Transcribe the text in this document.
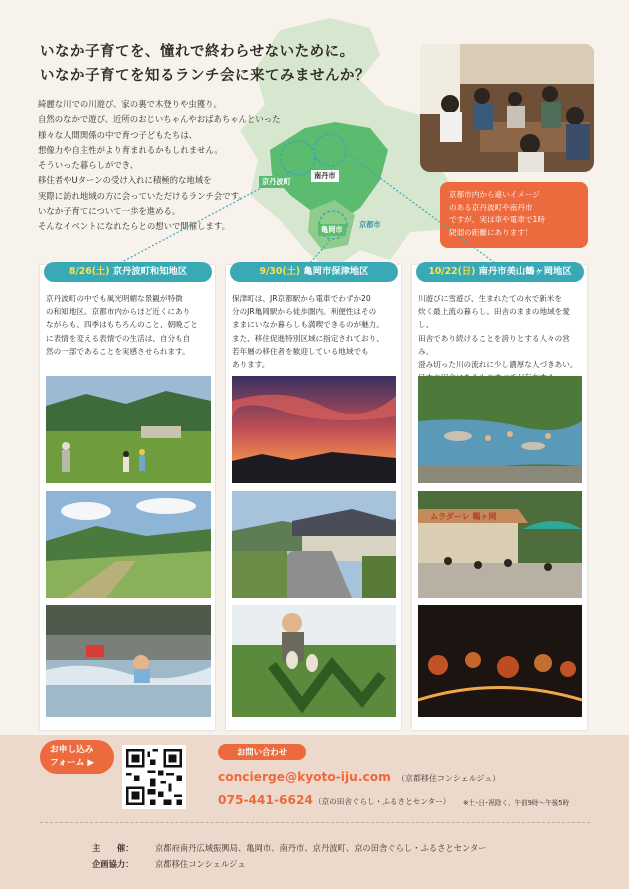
京丹波町
南丹市
亀岡市
京都市
いなか子育てを、憧れで終わらせないために。
いなか子育てを知るランチ会に来てみませんか？
綺麗な川での川遊び、家の裏で木登りや虫獲り。
自然のなかで遊び、近所のおじいちゃんやおばあちゃんといった
様々な人間関係の中で育つ子どもたちは、
想像力や自主性がより育まれるかもしれません。
そういった暮らしができ、
移住者やUターンの受け入れに積極的な地域を
実際に訪れ地域の方に会っていただけるランチ会です。
いなか子育てについて一歩を進める。
そんなイベントになれたらとの想いで開催します。
京都市内から遠いイメージ
のある京丹波町や南丹市
ですが、実は車や電車で1時
間弱の距離にあります！
8/26(土) 京丹波町和知地区
京丹波町の中でも風光明媚な景観が特徴
の和知地区。京都市内からほど近くにあり
ながらも、四季はもちろんのこと、朝晩ごと
に表情を変える表情での生活は、自分も自
然の一部であることを実感させられます。
9/30(土) 亀岡市保津地区
保津町は、JR京都駅から電車でわずか20
分のJR亀岡駅から徒歩圏内。利便性はその
ままにいなか暮らしも満喫できるのが魅力。
また、移住促進特別区域に指定されており、
若年層の移住者を歓迎している地域でも
あります。
10/22(日) 南丹市美山鶴ヶ岡地区
川遊びに雪遊び、生まれたての水で新米を
炊く最上流の暮らし。田舎のままの地域を愛し、
田舎であり続けることを誇りとする人々の営み。
澄み切った川の流れに少し濃厚な人づきあい。
ムラダーレ 鶴ヶ岡
お申し込み
フォーム ▶
お問い合わせ
concierge@kyoto-iju.com （京都移住コンシェルジュ）
075-441-6624 （京の田舎ぐらし・ふるさとセンター） ※土･日･祝除く、午前9時〜午後5時
主　　催：	京都府南丹広域振興局、亀岡市、南丹市、京丹波町、京の田舎ぐらし・ふるさとセンター
企画協力：	京都移住コンシェルジュ
